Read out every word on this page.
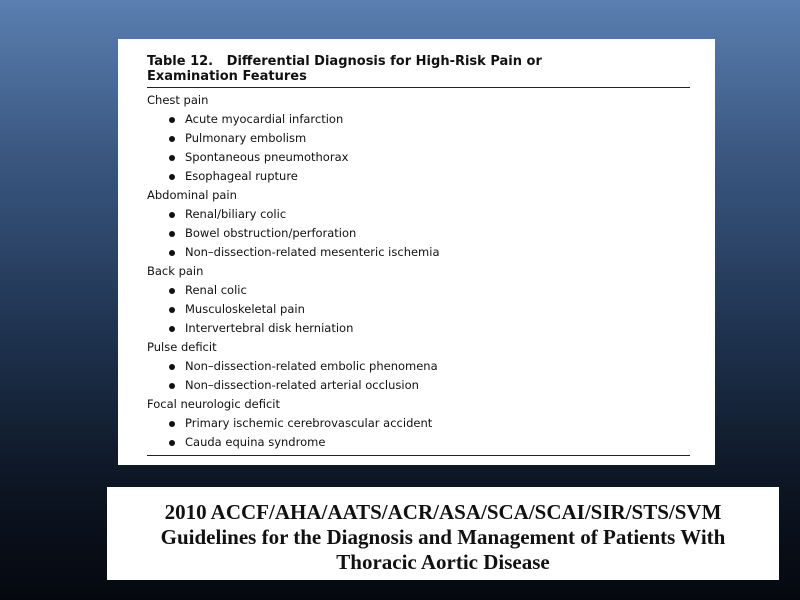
Table 12.   Differential Diagnosis for High-Risk Pain or
Examination Features
Chest pain
Acute myocardial infarction
Pulmonary embolism
Spontaneous pneumothorax
Esophageal rupture
Abdominal pain
Renal/biliary colic
Bowel obstruction/perforation
Non–dissection-related mesenteric ischemia
Back pain
Renal colic
Musculoskeletal pain
Intervertebral disk herniation
Pulse deficit
Non–dissection-related embolic phenomena
Non–dissection-related arterial occlusion
Focal neurologic deficit
Primary ischemic cerebrovascular accident
Cauda equina syndrome
2010 ACCF/AHA/AATS/ACR/ASA/SCA/SCAI/SIR/STS/SVM
Guidelines for the Diagnosis and Management of Patients With
Thoracic Aortic Disease
